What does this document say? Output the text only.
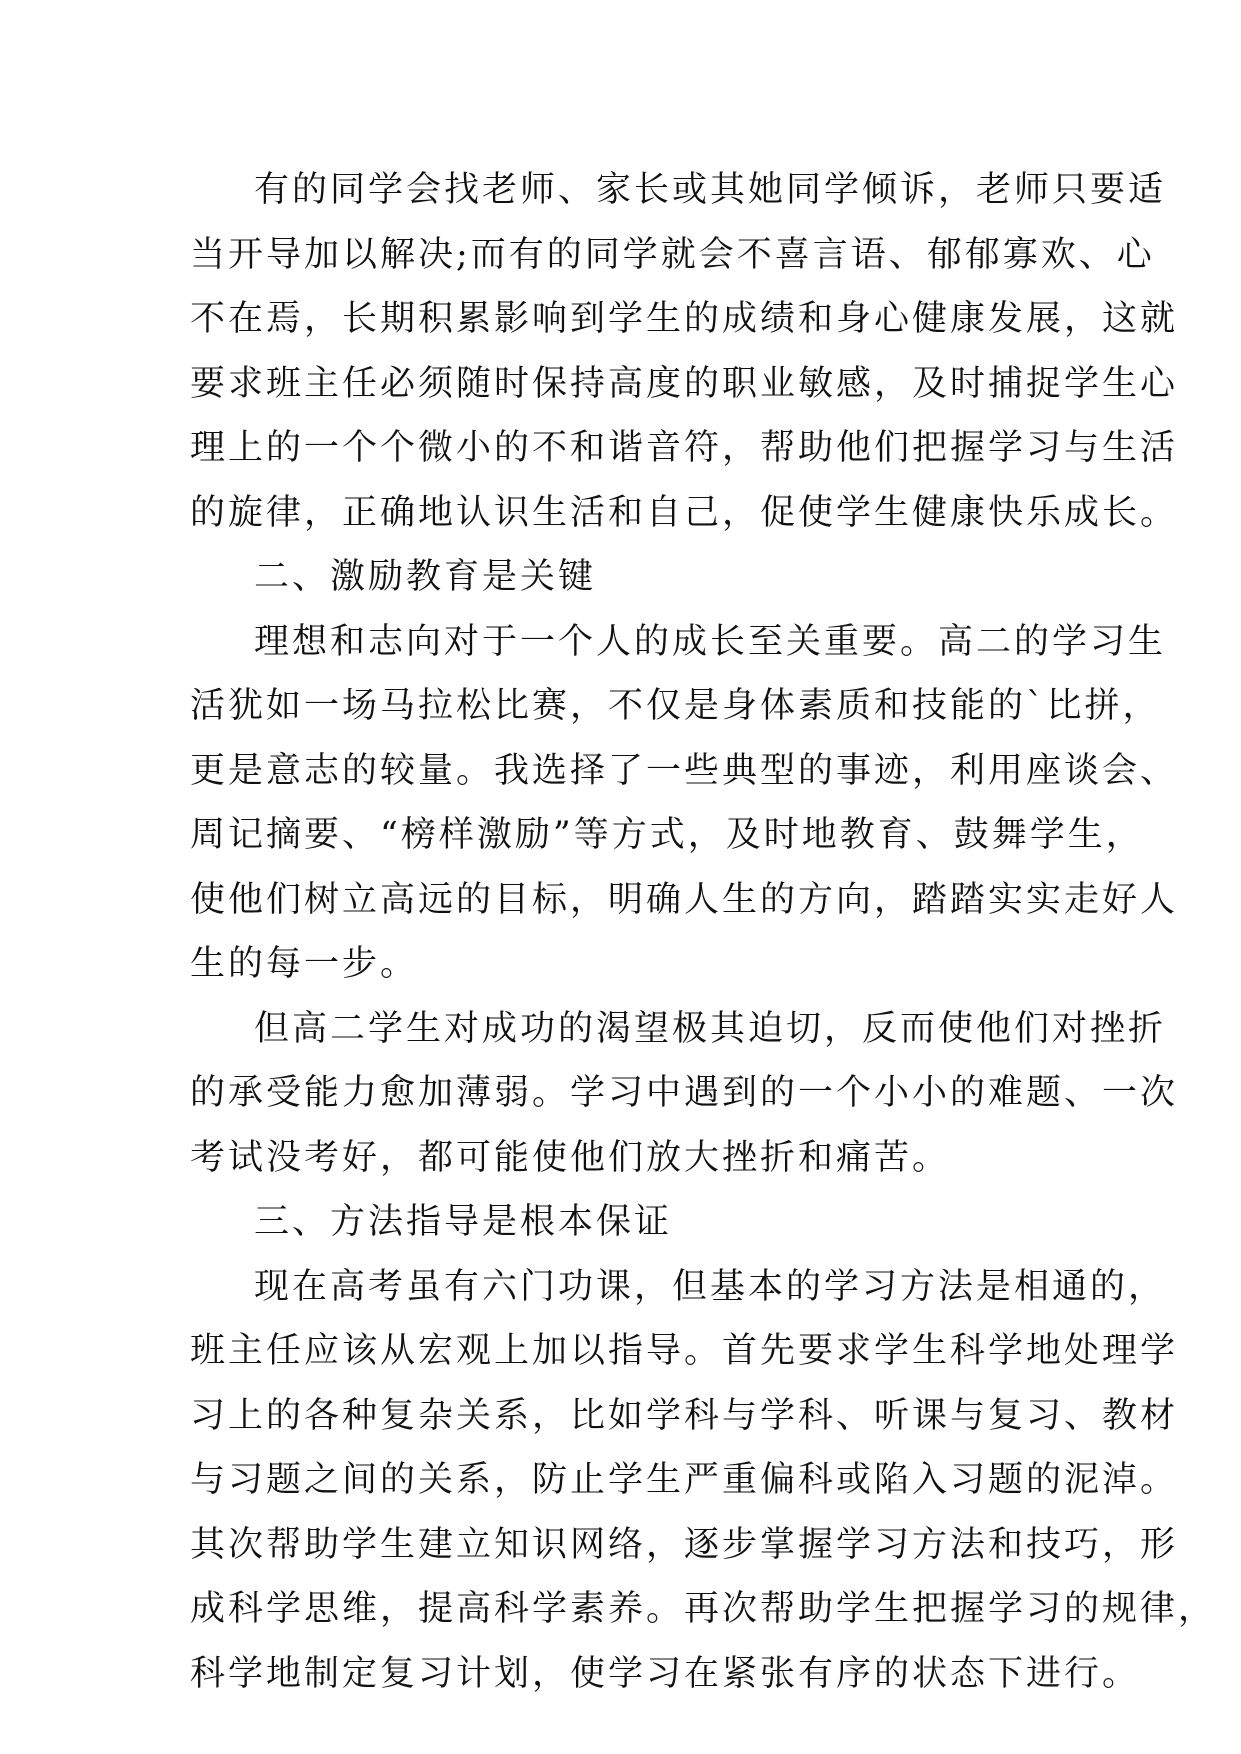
有的同学会找老师、家长或其她同学倾诉，老师只要适
当开导加以解决;而有的同学就会不喜言语、郁郁寡欢、心
不在焉，长期积累影响到学生的成绩和身心健康发展，这就
要求班主任必须随时保持高度的职业敏感，及时捕捉学生心
理上的一个个微小的不和谐音符，帮助他们把握学习与生活
的旋律，正确地认识生活和自己，促使学生健康快乐成长。
二、激励教育是关键
理想和志向对于一个人的成长至关重要。高二的学习生
活犹如一场马拉松比赛，不仅是身体素质和技能的`比拼，
更是意志的较量。我选择了一些典型的事迹，利用座谈会、
周记摘要、“榜样激励”等方式，及时地教育、鼓舞学生，
使他们树立高远的目标，明确人生的方向，踏踏实实走好人
生的每一步。
但高二学生对成功的渴望极其迫切，反而使他们对挫折
的承受能力愈加薄弱。学习中遇到的一个小小的难题、一次
考试没考好，都可能使他们放大挫折和痛苦。
三、方法指导是根本保证
现在高考虽有六门功课，但基本的学习方法是相通的，
班主任应该从宏观上加以指导。首先要求学生科学地处理学
习上的各种复杂关系，比如学科与学科、听课与复习、教材
与习题之间的关系，防止学生严重偏科或陷入习题的泥淖。
其次帮助学生建立知识网络，逐步掌握学习方法和技巧，形
成科学思维，提高科学素养。再次帮助学生把握学习的规律，
科学地制定复习计划，使学习在紧张有序的状态下进行。
